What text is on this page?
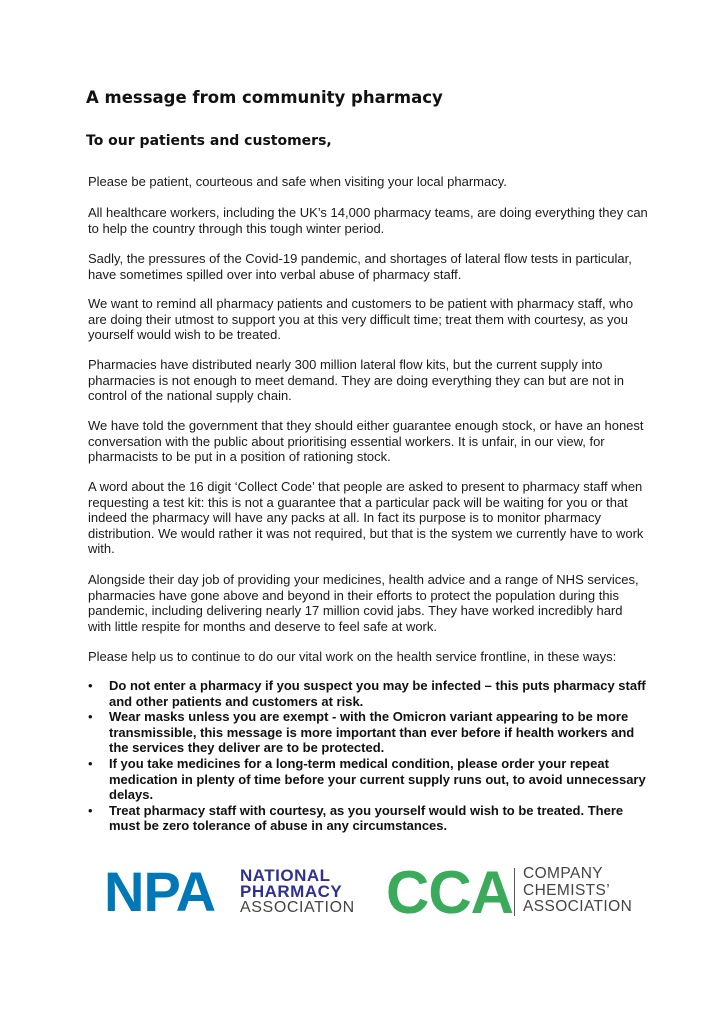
A message from community pharmacy
To our patients and customers,

Please be patient, courteous and safe when visiting your local pharmacy.

All healthcare workers, including the UK’s 14,000 pharmacy teams, are doing everything they can to help the country through this tough winter period.

Sadly, the pressures of the Covid-19 pandemic, and shortages of lateral flow tests in particular, have sometimes spilled over into verbal abuse of pharmacy staff.

We want to remind all pharmacy patients and customers to be patient with pharmacy staff, who are doing their utmost to support you at this very difficult time; treat them with courtesy, as you yourself would wish to be treated.

Pharmacies have distributed nearly 300 million lateral flow kits, but the current supply into pharmacies is not enough to meet demand. They are doing everything they can but are not in control of the national supply chain.

We have told the government that they should either guarantee enough stock, or have an honest conversation with the public about prioritising essential workers. It is unfair, in our view, for pharmacists to be put in a position of rationing stock.

A word about the 16 digit ‘Collect Code’ that people are asked to present to pharmacy staff when requesting a test kit: this is not a guarantee that a particular pack will be waiting for you or that indeed the pharmacy will have any packs at all. In fact its purpose is to monitor pharmacy distribution. We would rather it was not required, but that is the system we currently have to work with.

Alongside their day job of providing your medicines, health advice and a range of NHS services, pharmacies have gone above and beyond in their efforts to protect the population during this pandemic, including delivering nearly 17 million covid jabs. They have worked incredibly hard with little respite for months and deserve to feel safe at work.

Please help us to continue to do our vital work on the health service frontline, in these ways:

• Do not enter a pharmacy if you suspect you may be infected – this puts pharmacy staff and other patients and customers at risk.
• Wear masks unless you are exempt - with the Omicron variant appearing to be more transmissible, this message is more important than ever before if health workers and the services they deliver are to be protected.
• If you take medicines for a long-term medical condition, please order your repeat medication in plenty of time before your current supply runs out, to avoid unnecessary delays.
• Treat pharmacy staff with courtesy, as you yourself would wish to be treated. There must be zero tolerance of abuse in any circumstances.
NPA NATIONAL
PHARMACY
ASSOCIATION CCA COMPANY
CHEMISTS’
ASSOCIATION
